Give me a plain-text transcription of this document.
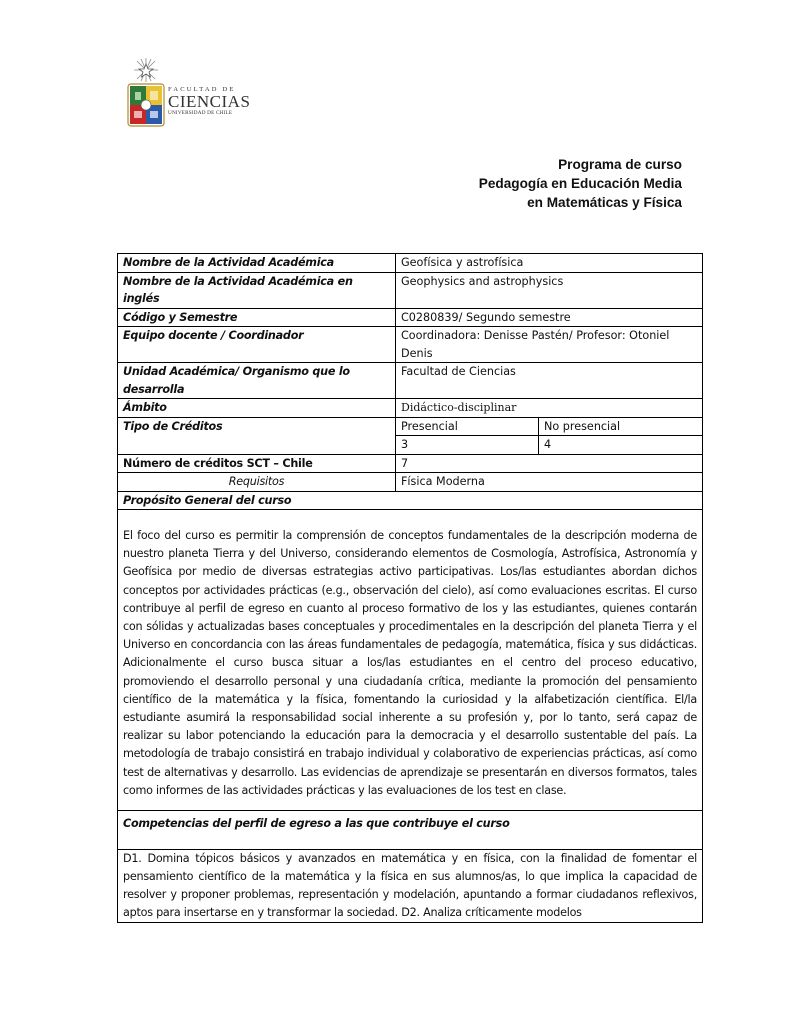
FACULTAD DE
CIENCIAS
UNIVERSIDAD DE CHILE
Programa de curso
Pedagogía en Educación Media
en Matemáticas y Física
Nombre de la Actividad Académica	Geofísica y astrofísica	
Nombre de la Actividad Académica en inglés	Geophysics and astrophysics	
Código y Semestre	C0280839/ Segundo semestre	
Equipo docente / Coordinador	Coordinadora: Denisse Pastén/ Profesor: Otoniel Denis	
Unidad Académica/ Organismo que lo desarrolla	Facultad de Ciencias	
Ámbito	Didáctico-disciplinar	
Tipo de Créditos	Presencial	No presencial
	3	4
Número de créditos SCT – Chile	7	
Requisitos	Física Moderna	
Propósito General del curso		
El foco del curso es permitir la comprensión de conceptos fundamentales de la descripción moderna de nuestro planeta Tierra y del Universo, considerando elementos de Cosmología, Astrofísica, Astronomía y Geofísica por medio de diversas estrategias activo participativas. Los/las estudiantes abordan dichos conceptos por actividades prácticas (e.g., observación del cielo), así como evaluaciones escritas. El curso contribuye al perfil de egreso en cuanto al proceso formativo de los y las estudiantes, quienes contarán con sólidas y actualizadas bases conceptuales y procedimentales en la descripción del planeta Tierra y el Universo en concordancia con las áreas fundamentales de pedagogía, matemática, física y sus didácticas. Adicionalmente el curso busca situar a los/las estudiantes en el centro del proceso educativo, promoviendo el desarrollo personal y una ciudadanía crítica, mediante la promoción del pensamiento científico de la matemática y la física, fomentando la curiosidad y la alfabetización científica. El/la estudiante asumirá la responsabilidad social inherente a su profesión y, por lo tanto, será capaz de realizar su labor potenciando la educación para la democracia y el desarrollo sustentable del país. La metodología de trabajo consistirá en trabajo individual y colaborativo de experiencias prácticas, así como test de alternativas y desarrollo. Las evidencias de aprendizaje se presentarán en diversos formatos, tales como informes de las actividades prácticas y las evaluaciones de los test en clase.		
Competencias del perfil de egreso a las que contribuye el curso		
D1. Domina tópicos básicos y avanzados en matemática y en física, con la finalidad de fomentar el pensamiento científico de la matemática y la física en sus alumnos/as, lo que implica la capacidad de resolver y proponer problemas, representación y modelación, apuntando a formar ciudadanos reflexivos, aptos para insertarse en y transformar la sociedad. D2. Analiza críticamente modelos		
